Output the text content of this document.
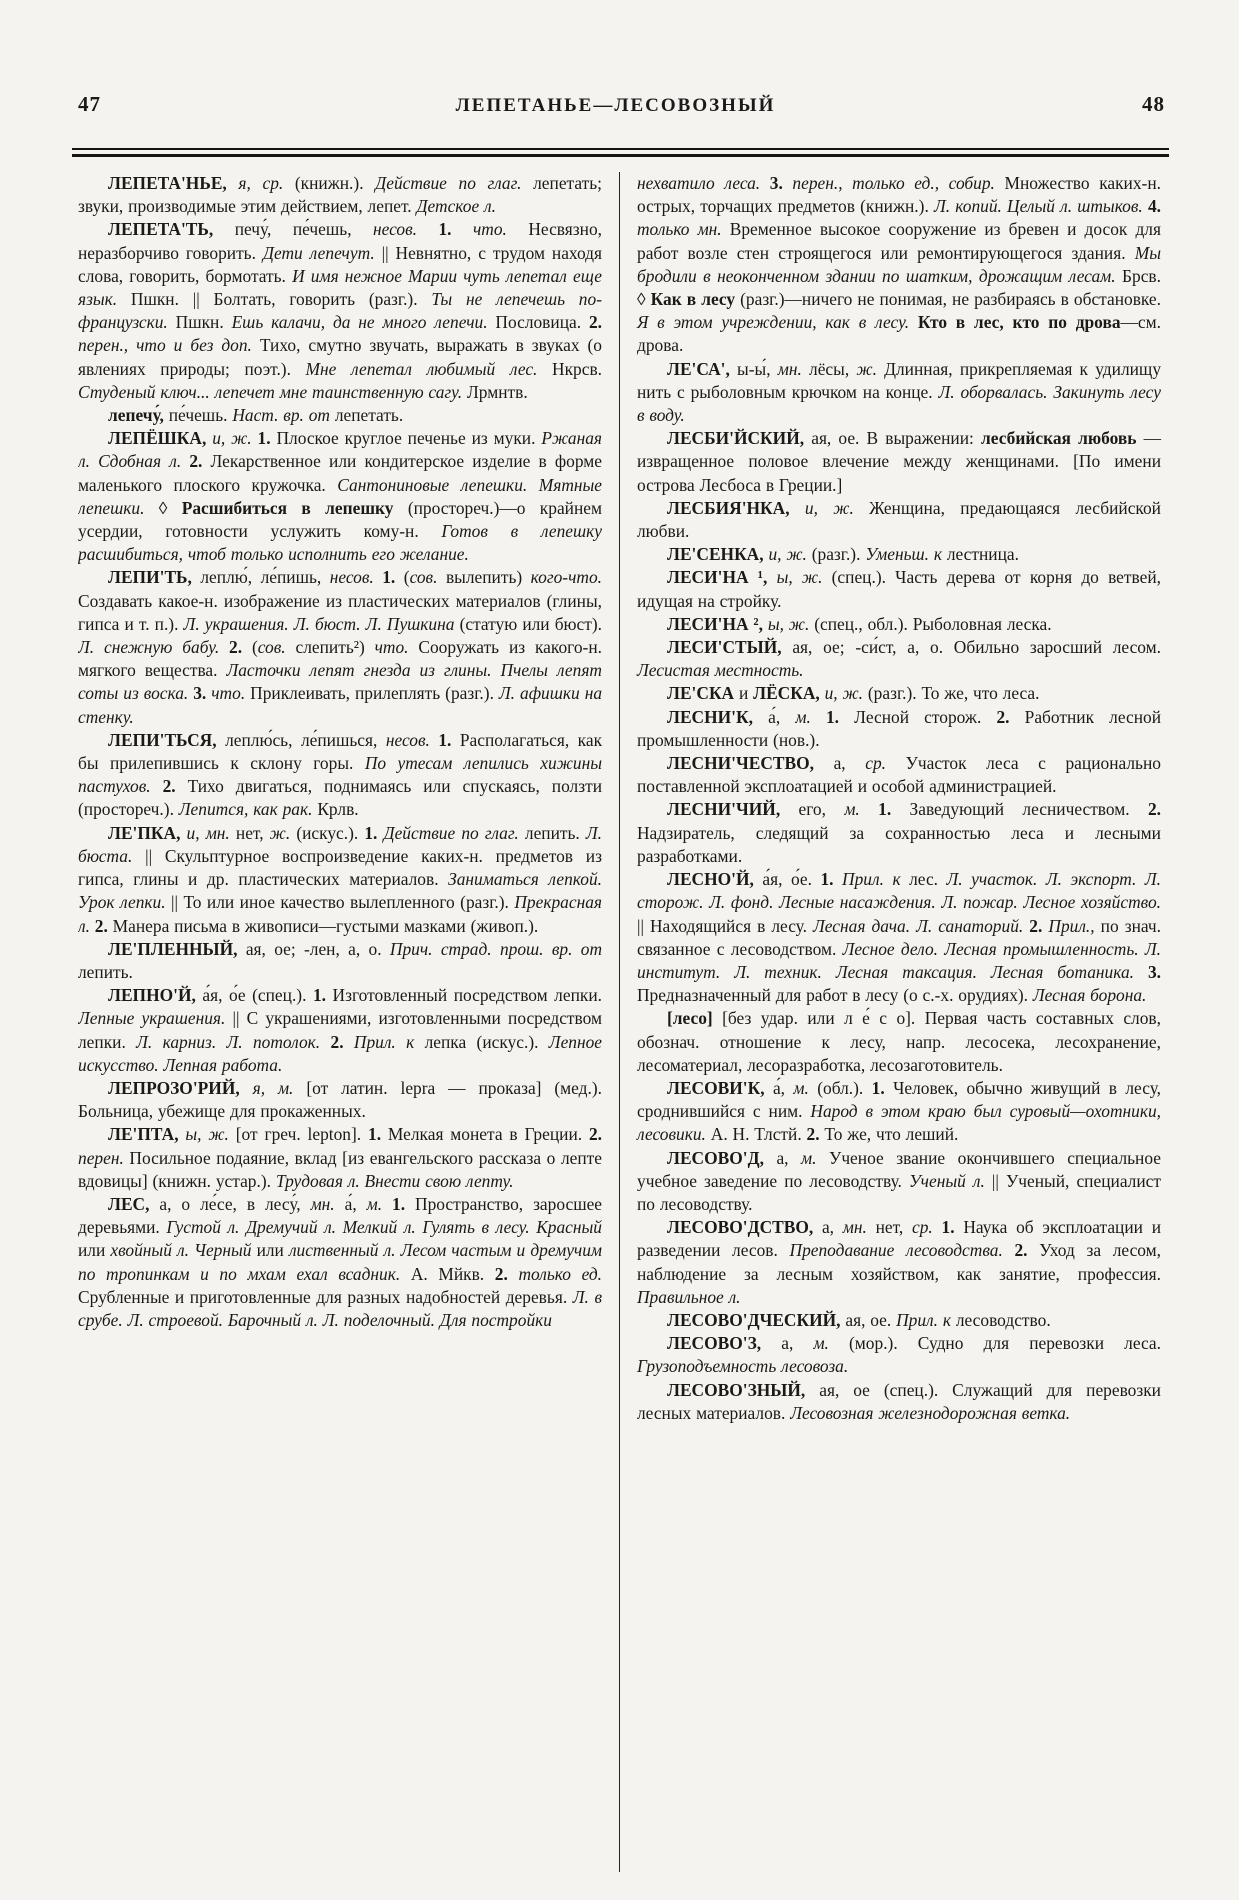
47	ЛЕПЕТАНЬЕ—ЛЕСОВОЗНЫЙ	48

ЛЕПЕТА'НЬЕ, я, ср. (книжн.). Действие по глаг. лепетать; звуки, производимые этим действием, лепет. Детское л.

ЛЕПЕТА'ТЬ, печу́, пе́чешь, несов. 1. что. Несвязно, неразборчиво говорить. Дети лепечут. || Невнятно, с трудом находя слова, говорить, бормотать. И имя нежное Марии чуть лепетал еще язык. Пшкн. || Болтать, говорить (разг.). Ты не лепечешь по-французски. Пшкн. Ешь калачи, да не много лепечи. Пословица. 2. перен., что и без доп. Тихо, смутно звучать, выражать в звуках (о явлениях природы; поэт.). Мне лепетал любимый лес. Нкрсв. Студеный ключ... лепечет мне таинственную сагу. Лрмнтв.

лепечу́, пе́чешь. Наст. вр. от лепетать.

ЛЕПЁШКА, и, ж. 1. Плоское круглое печенье из муки. Ржаная л. Сдобная л. 2. Лекарственное или кондитерское изделие в форме маленького плоского кружочка. Сантониновые лепешки. Мятные лепешки. ◊ Расшибиться в лепешку (простореч.)—о крайнем усердии, готовности услужить кому-н. Готов в лепешку расшибиться, чтоб только исполнить его желание.

ЛЕПИ'ТЬ, леплю́, ле́пишь, несов. 1. (сов. вылепить) кого-что. Создавать какое-н. изображение из пластических материалов (глины, гипса и т. п.). Л. украшения. Л. бюст. Л. Пушкина (статую или бюст). Л. снежную бабу. 2. (сов. слепить²) что. Сооружать из какого-н. мягкого вещества. Ласточки лепят гнезда из глины. Пчелы лепят соты из воска. 3. что. Приклеивать, прилеплять (разг.). Л. афишки на стенку.

ЛЕПИ'ТЬСЯ, леплю́сь, ле́пишься, несов. 1. Располагаться, как бы прилепившись к склону горы. По утесам лепились хижины пастухов. 2. Тихо двигаться, поднимаясь или спускаясь, ползти (простореч.). Лепится, как рак. Крлв.

ЛЕ'ПКА, и, мн. нет, ж. (искус.). 1. Действие по глаг. лепить. Л. бюста. || Скульптурное воспроизведение каких-н. предметов из гипса, глины и др. пластических материалов. Заниматься лепкой. Урок лепки. || То или иное качество вылепленного (разг.). Прекрасная л. 2. Манера письма в живописи—густыми мазками (живоп.).

ЛЕ'ПЛЕННЫЙ, ая, ое; -лен, а, о. Прич. страд. прош. вр. от лепить.

ЛЕПНО'Й, а́я, о́е (спец.). 1. Изготовленный посредством лепки. Лепные украшения. || С украшениями, изготовленными посредством лепки. Л. карниз. Л. потолок. 2. Прил. к лепка (искус.). Лепное искусство. Лепная работа.

ЛЕПРОЗО'РИЙ, я, м. [от латин. lepra — проказа] (мед.). Больница, убежище для прокаженных.

ЛЕ'ПТА, ы, ж. [от греч. lepton]. 1. Мелкая монета в Греции. 2. перен. Посильное подаяние, вклад [из евангельского рассказа о лепте вдовицы] (книжн. устар.). Трудовая л. Внести свою лепту.

ЛЕС, а, о ле́се, в лесу́, мн. а́, м. 1. Пространство, заросшее деревьями. Густой л. Дремучий л. Мелкий л. Гулять в лесу. Красный или хвойный л. Черный или лиственный л. Лесом частым и дремучим по тропинкам и по мхам ехал всадник. А. Мйкв. 2. только ед. Срубленные и приготовленные для разных надобностей деревья. Л. в срубе. Л. строевой. Барочный л. Л. поделочный. Для постройки

нехватило леса. 3. перен., только ед., собир. Множество каких-н. острых, торчащих предметов (книжн.). Л. копий. Целый л. штыков. 4. только мн. Временное высокое сооружение из бревен и досок для работ возле стен строящегося или ремонтирующегося здания. Мы бродили в неоконченном здании по шатким, дрожащим лесам. Брсв. ◊ Как в лесу (разг.)—ничего не понимая, не разбираясь в обстановке. Я в этом учреждении, как в лесу. Кто в лес, кто по дрова—см. дрова.

ЛЕ'СА', ы-ы́, мн. лёсы, ж. Длинная, прикрепляемая к удилищу нить с рыболовным крючком на конце. Л. оборвалась. Закинуть лесу в воду.

ЛЕСБИ'ЙСКИЙ, ая, ое. В выражении: лесбийская любовь — извращенное половое влечение между женщинами. [По имени острова Лесбоса в Греции.]

ЛЕСБИЯ'НКА, и, ж. Женщина, предающаяся лесбийской любви.

ЛЕ'СЕНКА, и, ж. (разг.). Уменьш. к лестница.

ЛЕСИ'НА ¹, ы, ж. (спец.). Часть дерева от корня до ветвей, идущая на стройку.

ЛЕСИ'НА ², ы, ж. (спец., обл.). Рыболовная леска.

ЛЕСИ'СТЫЙ, ая, ое; -си́ст, а, о. Обильно заросший лесом. Лесистая местность.

ЛЕ'СКА и ЛЁСКА, и, ж. (разг.). То же, что леса.

ЛЕСНИ'К, а́, м. 1. Лесной сторож. 2. Работник лесной промышленности (нов.).

ЛЕСНИ'ЧЕСТВО, а, ср. Участок леса с рационально поставленной эксплоатацией и особой администрацией.

ЛЕСНИ'ЧИЙ, его, м. 1. Заведующий лесничеством. 2. Надзиратель, следящий за сохранностью леса и лесными разработками.

ЛЕСНО'Й, а́я, о́е. 1. Прил. к лес. Л. участок. Л. экспорт. Л. сторож. Л. фонд. Лесные насаждения. Л. пожар. Лесное хозяйство. || Находящийся в лесу. Лесная дача. Л. санаторий. 2. Прил., по знач. связанное с лесоводством. Лесное дело. Лесная промышленность. Л. институт. Л. техник. Лесная таксация. Лесная ботаника. 3. Предназначенный для работ в лесу (о с.-х. орудиях). Лесная борона.

[лесо] [без удар. или л е́ с о]. Первая часть составных слов, обознач. отношение к лесу, напр. лесосека, лесохранение, лесоматериал, лесоразработка, лесозаготовитель.

ЛЕСОВИ'К, а́, м. (обл.). 1. Человек, обычно живущий в лесу, сроднившийся с ним. Народ в этом краю был суровый—охотники, лесовики. А. Н. Тлстй. 2. То же, что леший.

ЛЕСОВО'Д, а, м. Ученое звание окончившего специальное учебное заведение по лесоводству. Ученый л. || Ученый, специалист по лесоводству.

ЛЕСОВО'ДСТВО, а, мн. нет, ср. 1. Наука об эксплоатации и разведении лесов. Преподавание лесоводства. 2. Уход за лесом, наблюдение за лесным хозяйством, как занятие, профессия. Правильное л.

ЛЕСОВО'ДЧЕСКИЙ, ая, ое. Прил. к лесоводство.

ЛЕСОВО'З, а, м. (мор.). Судно для перевозки леса. Грузоподъемность лесовоза.

ЛЕСОВО'ЗНЫЙ, ая, ое (спец.). Служащий для перевозки лесных материалов. Лесовозная железнодорожная ветка.
